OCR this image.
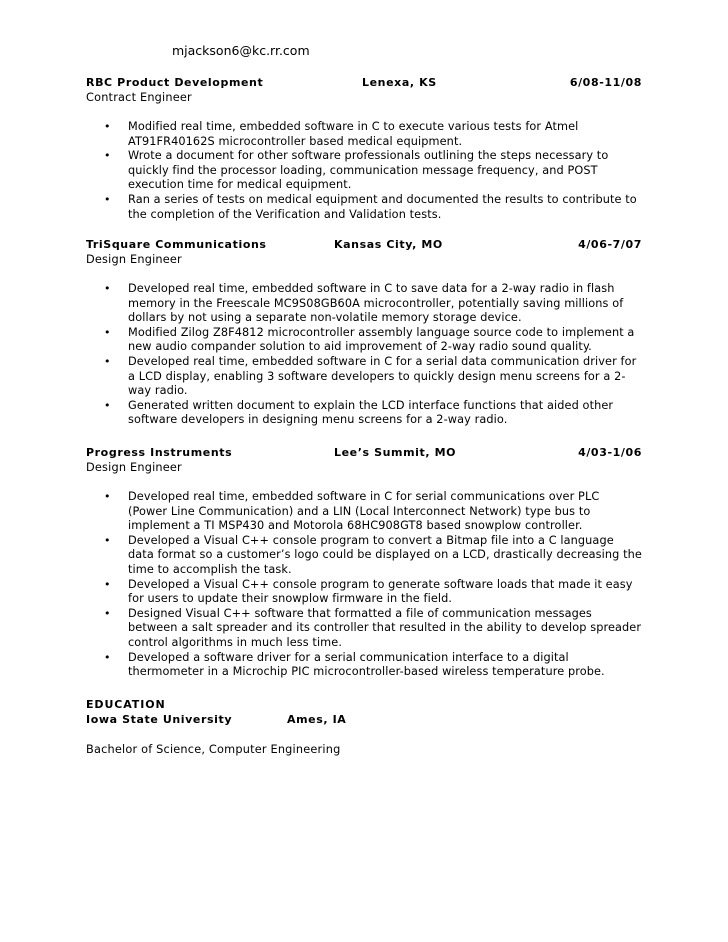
mjackson6@kc.rr.com
RBC Product Development	Lenexa, KS	6/08-11/08
Contract Engineer
• Modified real time, embedded software in C to execute various tests for Atmel AT91FR40162S microcontroller based medical equipment.
• Wrote a document for other software professionals outlining the steps necessary to quickly find the processor loading, communication message frequency, and POST execution time for medical equipment.
• Ran a series of tests on medical equipment and documented the results to contribute to the completion of the Verification and Validation tests.
TriSquare Communications	Kansas City, MO	4/06-7/07
Design Engineer
• Developed real time, embedded software in C to save data for a 2-way radio in flash memory in the Freescale MC9S08GB60A microcontroller, potentially saving millions of dollars by not using a separate non-volatile memory storage device.
• Modified Zilog Z8F4812 microcontroller assembly language source code to implement a new audio compander solution to aid improvement of 2-way radio sound quality.
• Developed real time, embedded software in C for a serial data communication driver for a LCD display, enabling 3 software developers to quickly design menu screens for a 2-way radio.
• Generated written document to explain the LCD interface functions that aided other software developers in designing menu screens for a 2-way radio.
Progress Instruments	Lee’s Summit, MO	4/03-1/06
Design Engineer
• Developed real time, embedded software in C for serial communications over PLC (Power Line Communication) and a LIN (Local Interconnect Network) type bus to implement a TI MSP430 and Motorola 68HC908GT8 based snowplow controller.
• Developed a Visual C++ console program to convert a Bitmap file into a C language data format so a customer’s logo could be displayed on a LCD, drastically decreasing the time to accomplish the task.
• Developed a Visual C++ console program to generate software loads that made it easy for users to update their snowplow firmware in the field.
• Designed Visual C++ software that formatted a file of communication messages between a salt spreader and its controller that resulted in the ability to develop spreader control algorithms in much less time.
• Developed a software driver for a serial communication interface to a digital thermometer in a Microchip PIC microcontroller-based wireless temperature probe.
EDUCATION
Iowa State University	Ames, IA
Bachelor of Science, Computer Engineering
